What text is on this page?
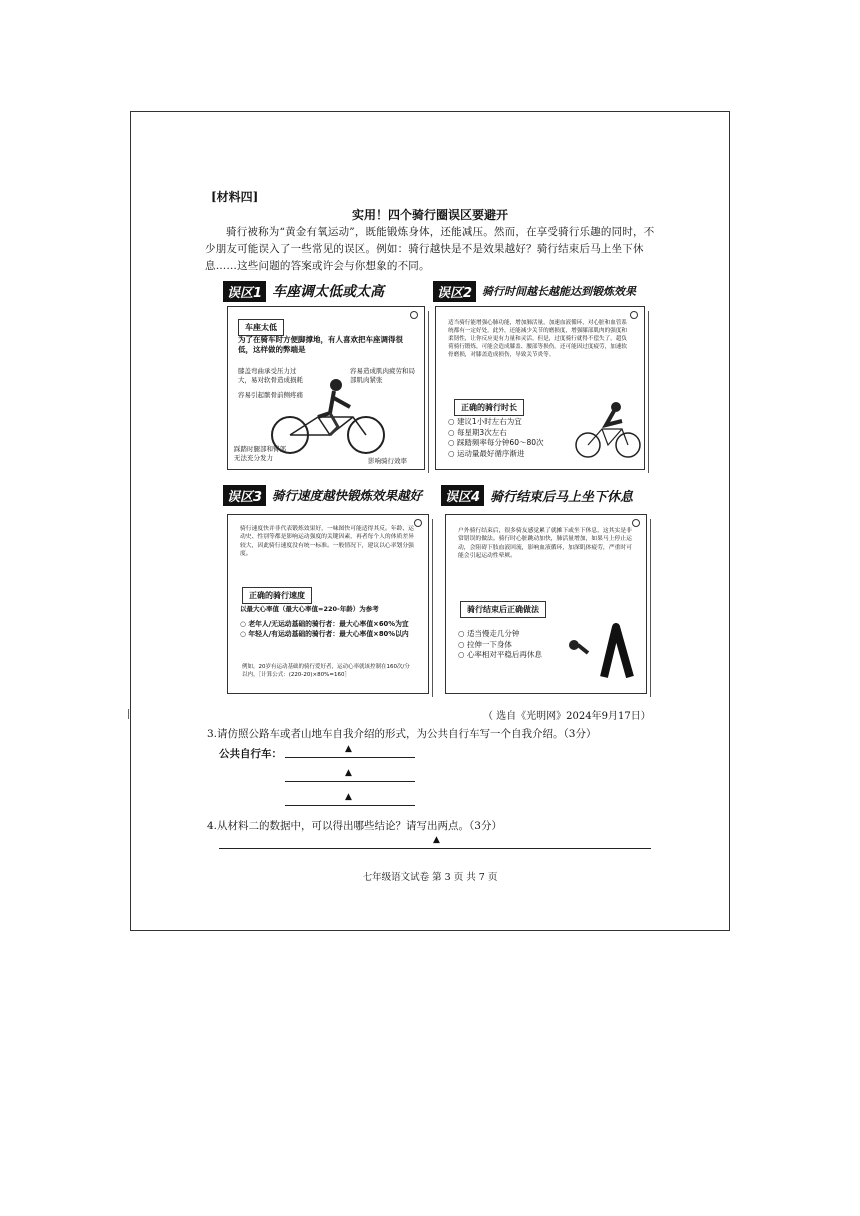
[材料四]
实用！四个骑行圈误区要避开
骑行被称为“黄金有氧运动”，既能锻炼身体，还能减压。然而，在享受骑行乐趣的同时，不少朋友可能误入了一些常见的误区。例如：骑行越快是不是效果越好？骑行结束后马上坐下休息……这些问题的答案或许会与你想象的不同。
误区1 车座调太低或太高
车座太低
为了在骑车时方便脚撑地，有人喜欢把车座调得很低，这样做的弊端是
膝盖弯曲承受压力过大，易对软骨造成损耗
容易造成肌肉疲劳和局部肌肉紧张
容易引起髌骨前侧疼痛
踩踏时腿部和臀部无法充分发力	影响骑行效率
误区2 骑行时间越长越能达到锻炼效果
适当骑行能增强心肺功能，增加肺活量，加速血液循环，对心脏和血管系统都有一定好处。此外，还能减少关节的磨损度，增强膝部肌肉的强度和柔韧性，让你反应更有力量和灵活。但是，过度骑行就得不偿失了。超负荷骑行锻炼，可能会造成膝盖、腰部等损伤。还可能因过度疲劳，加速软骨磨损，对膝盖造成损伤，导致关节炎等。
正确的骑行时长
○ 建议1小时左右为宜
○ 每星期3次左右
○ 踩踏频率每分钟60～80次
○ 运动量最好循序渐进
误区3 骑行速度越快锻炼效果越好
骑行速度快并非代表锻炼效果好，一味图快可能适得其反。年龄、运动史、性别等都是影响运动强度的关键因素，再者每个人的体质差异较大，因此骑行速度没有统一标准。一般情况下，建议以心率划分强度。
正确的骑行速度
以最大心率值（最大心率值=220-年龄）为参考
○ 老年人/无运动基础的骑行者：最大心率值×60%为宜
○ 年轻人/有运动基础的骑行者：最大心率值×80%以内
例如，20岁有运动基础的骑行爱好者，运动心率就该控制在160次/分以内。［计算公式：(220-20)×80%=160］
误区4 骑行结束后马上坐下休息
户外骑行结束后，很多骑友感觉累了就摊下或坐下休息，这其实是非常错误的做法。骑行时心脏跳动加快，肺活量增加，如果马上停止运动，会阻碍下肢血液回流，影响血液循环，加深肌体疲劳，严重时可能会引起运动性晕厥。
骑行结束后正确做法
○ 适当慢走几分钟
○ 拉伸一下身体
○ 心率相对平稳后再休息
（ 选自《光明网》2024年9月17日）
3.请仿照公路车或者山地车自我介绍的形式，为公共自行车写一个自我介绍。（3分）
公共自行车：	▲
▲
▲
4.从材料二的数据中，可以得出哪些结论？请写出两点。（3分）
▲
七年级语文试卷 第 3 页 共 7 页
